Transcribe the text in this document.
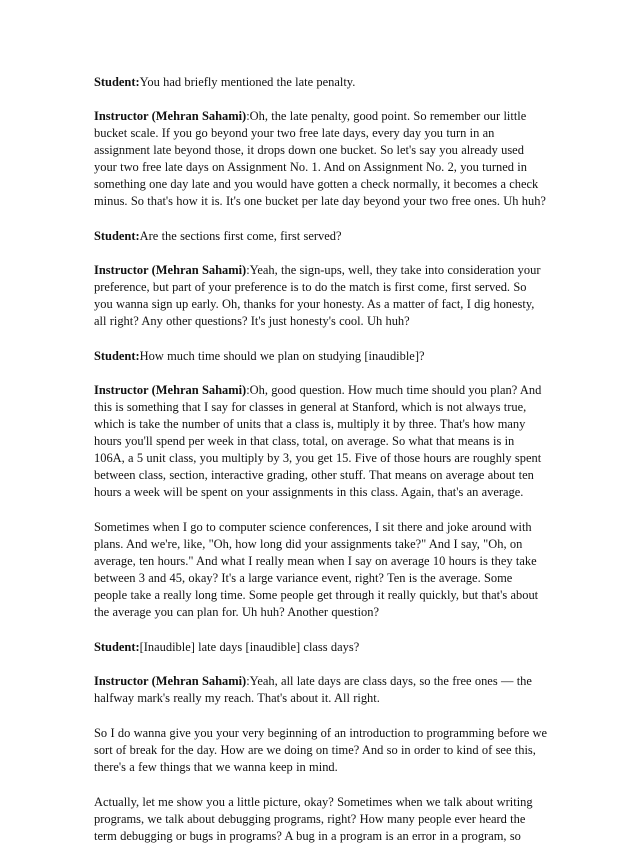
Student:You had briefly mentioned the late penalty.

Instructor (Mehran Sahami):Oh, the late penalty, good point. So remember our little bucket scale. If you go beyond your two free late days, every day you turn in an assignment late beyond those, it drops down one bucket. So let's say you already used your two free late days on Assignment No. 1. And on Assignment No. 2, you turned in something one day late and you would have gotten a check normally, it becomes a check minus. So that's how it is. It's one bucket per late day beyond your two free ones. Uh huh?

Student:Are the sections first come, first served?

Instructor (Mehran Sahami):Yeah, the sign-ups, well, they take into consideration your preference, but part of your preference is to do the match is first come, first served. So you wanna sign up early. Oh, thanks for your honesty. As a matter of fact, I dig honesty, all right? Any other questions? It's just honesty's cool. Uh huh?

Student:How much time should we plan on studying [inaudible]?

Instructor (Mehran Sahami):Oh, good question. How much time should you plan? And this is something that I say for classes in general at Stanford, which is not always true, which is take the number of units that a class is, multiply it by three. That's how many hours you'll spend per week in that class, total, on average. So what that means is in 106A, a 5 unit class, you multiply by 3, you get 15. Five of those hours are roughly spent between class, section, interactive grading, other stuff. That means on average about ten hours a week will be spent on your assignments in this class. Again, that's an average.

Sometimes when I go to computer science conferences, I sit there and joke around with plans. And we're, like, "Oh, how long did your assignments take?" And I say, "Oh, on average, ten hours." And what I really mean when I say on average 10 hours is they take between 3 and 45, okay? It's a large variance event, right? Ten is the average. Some people take a really long time. Some people get through it really quickly, but that's about the average you can plan for. Uh huh? Another question?

Student:[Inaudible] late days [inaudible] class days?

Instructor (Mehran Sahami):Yeah, all late days are class days, so the free ones — the halfway mark's really my reach. That's about it. All right.

So I do wanna give you your very beginning of an introduction to programming before we sort of break for the day. How are we doing on time? And so in order to kind of see this, there's a few things that we wanna keep in mind.

Actually, let me show you a little picture, okay? Sometimes when we talk about writing programs, we talk about debugging programs, right? How many people ever heard the term debugging or bugs in programs? A bug in a program is an error in a program, so
